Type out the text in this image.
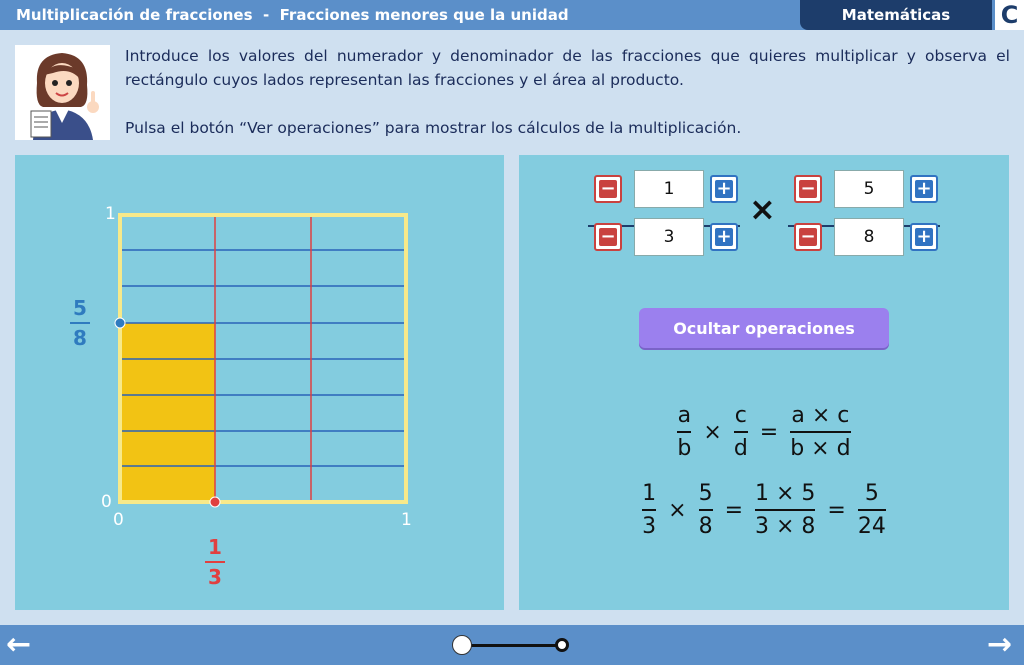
Multiplicación de fracciones  -  Fracciones menores que la unidad	Matemáticas	C

Introduce los valores del numerador y denominador de las fracciones que quieres multiplicar y observa el rectángulo cuyos lados representan las fracciones y el área al producto.

Pulsa el botón “Ver operaciones” para mostrar los cálculos de la multiplicación.

1
0
0	1
5
8
1
3
−	1	+
−	3	+
×
−	5	+
−	8	+
Ocultar operaciones
a
b
×
c
d
=
a × c
b × d
1
3
×
5
8
=
1 × 5
3 × 8
=
5
24
←	→
